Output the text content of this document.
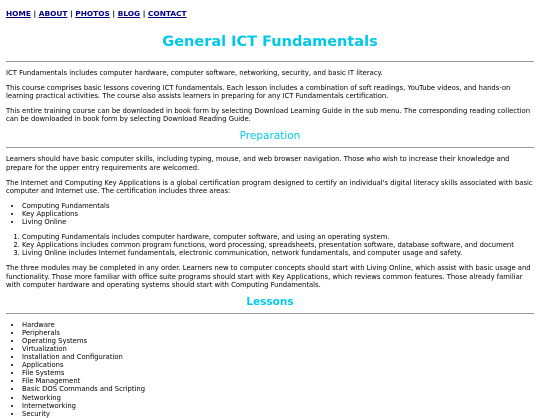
HOME | ABOUT | PHOTOS | BLOG | CONTACT
General ICT Fundamentals

ICT Fundamentals includes computer hardware, computer software, networking, security, and basic IT literacy.

This course comprises basic lessons covering ICT fundamentals. Each lesson includes a combination of soft readings, YouTube videos, and hands-on learning practical activities. The course also assists learners in preparing for any ICT Fundamentals certification.

This entire training course can be downloaded in book form by selecting Download Learning Guide in the sub menu. The corresponding reading collection can be downloaded in book form by selecting Download Reading Guide.

Preparation

Learners should have basic computer skills, including typing, mouse, and web browser navigation. Those who wish to increase their knowledge and prepare for the upper entry requirements are welcomed.

The Internet and Computing Key Applications is a global certification program designed to certify an individual's digital literacy skills associated with basic computer and Internet use. The certification includes three areas:

• Computing Fundamentals
• Key Applications
• Living Online
1. Computing Fundamentals includes computer hardware, computer software, and using an operating system.
2. Key Applications includes common program functions, word processing, spreadsheets, presentation software, database software, and document
3. Living Online includes Internet fundamentals, electronic communication, network fundamentals, and computer usage and safety.

The three modules may be completed in any order. Learners new to computer concepts should start with Living Online, which assist with basic usage and functionality. Those more familiar with office suite programs should start with Key Applications, which reviews common features. Those already familiar with computer hardware and operating systems should start with Computing Fundamentals.

Lessons
• Hardware
• Peripherals
• Operating Systems
• Virtualization
• Installation and Configuration
• Applications
• File Systems
• File Management
• Basic DOS Commands and Scripting
• Networking
• Internetworking
• Security
